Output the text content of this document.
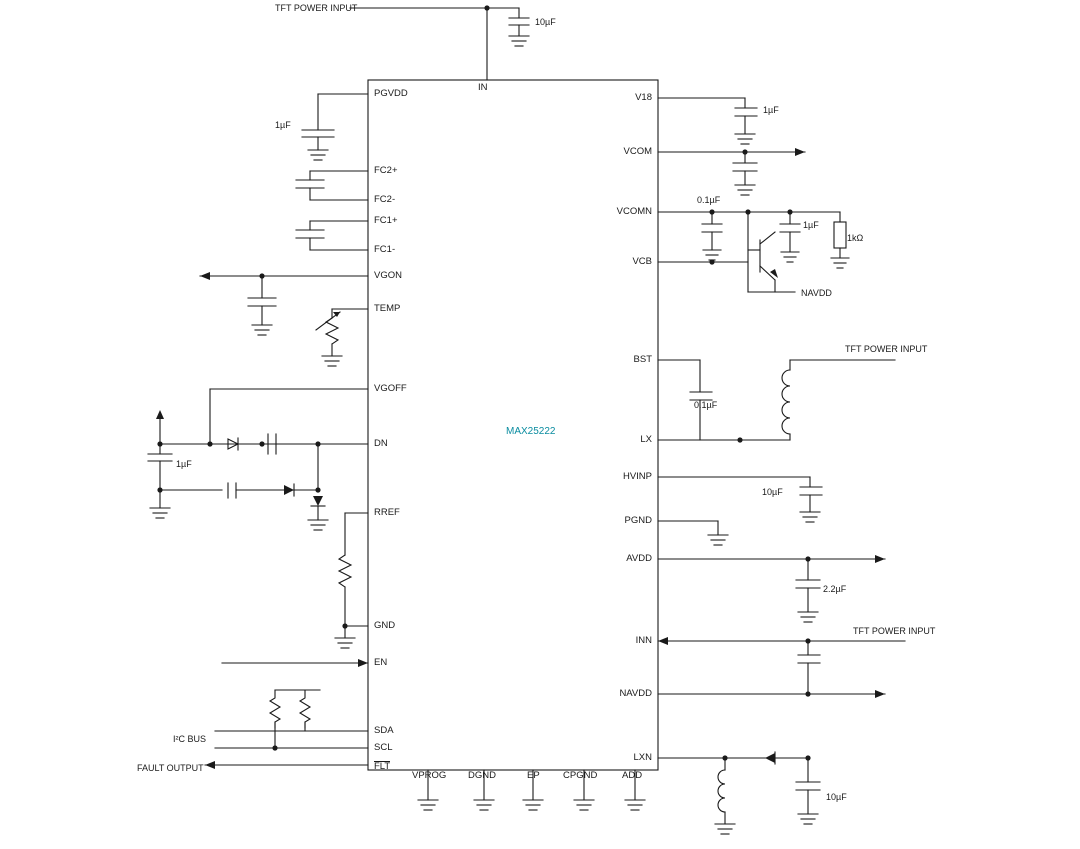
MAX25222
PGVDD
FC2+
FC2-
FC1+
FC1-
VGON
TEMP
VGOFF
DN
RREF
GND
EN
SDA
SCL
FLT
IN
V18
VCOM
VCOMN
VCB
BST
LX
HVINP
PGND
AVDD
INN
NAVDD
LXN
VPROG DGND	EP CPGND	ADD
TFT POWER INPUT
TFT POWER INPUT
TFT POWER INPUT
NAVDD
I²C BUS
FAULT OUTPUT
10µF
1µF
1µF
0.1µF
1µF
1kΩ
0.1µF
10µF
2.2µF
10µF
1µF
